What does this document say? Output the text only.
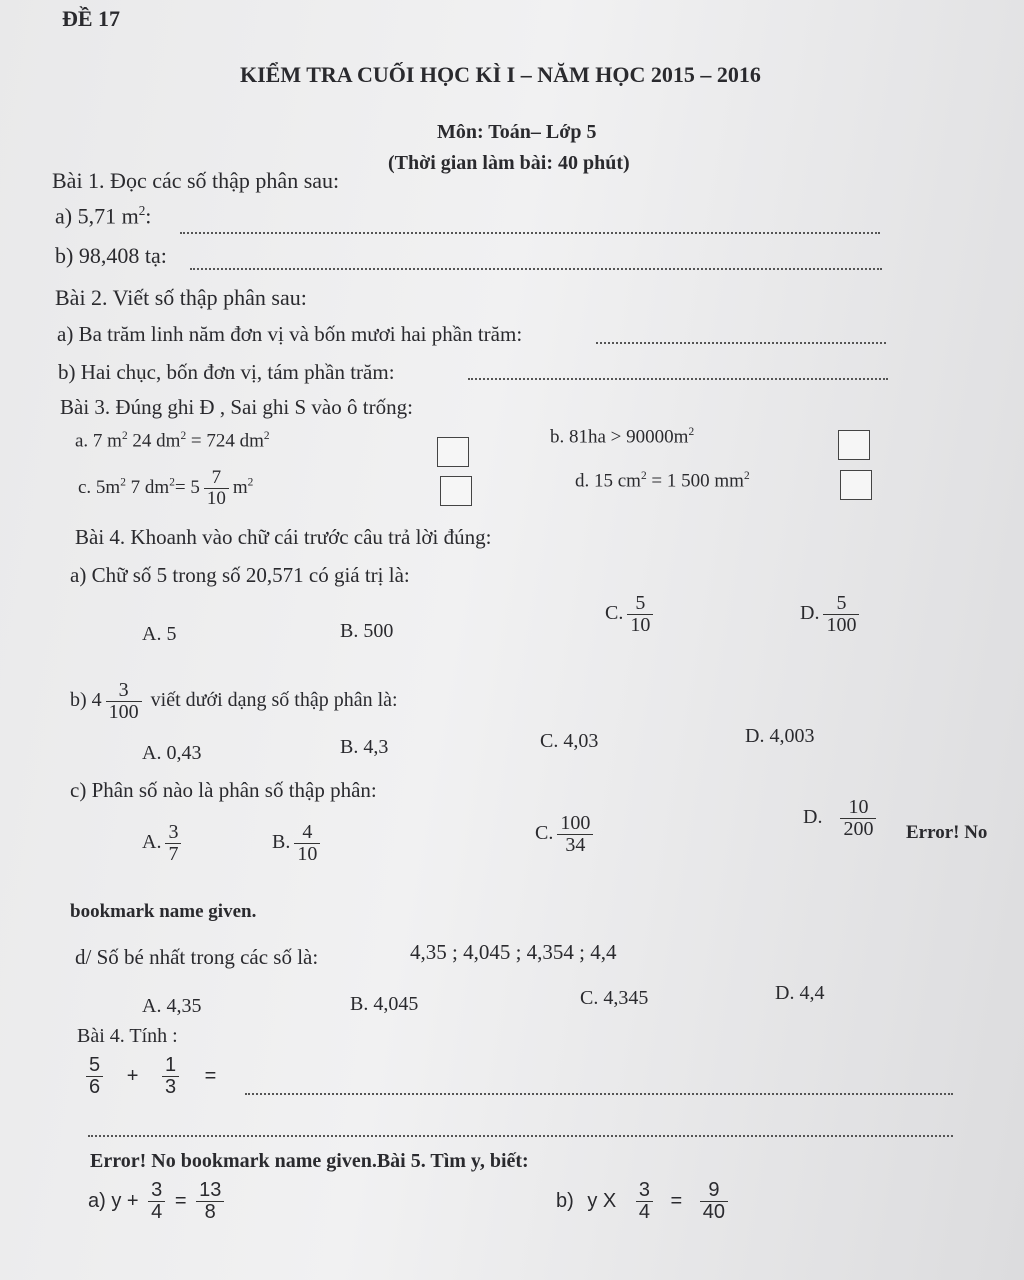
ĐỀ 17
KIỂM TRA CUỐI HỌC KÌ I – NĂM HỌC 2015 – 2016
Môn: Toán– Lớp 5
(Thời gian làm bài: 40 phút)
Bài 1. Đọc các số thập phân sau:
a) 5,71 $m^2$:
b) 98,408 tạ:
Bài 2. Viết số thập phân sau:
a) Ba trăm linh năm đơn vị và bốn mươi hai phần trăm:
b) Hai chục, bốn đơn vị, tám phần trăm:
Bài 3. Đúng ghi Đ , Sai ghi S vào ô trống:
a. 7 $m^2$ 24 $dm^2 = 724$ $dm^2$	b. $81ha > 90000m^2$
c. $5m^2$ 7 $dm^2= 5 \frac{7}{10} m^2$	d. 15 $cm^2 = 1$ 500 $mm^2$
Bài 4. Khoanh vào chữ cái trước câu trả lời đúng:
a) Chữ số 5 trong số 20,571 có giá trị là:
A. 5	B. 500
C. $\frac{5}{10}$	D. $\frac{5}{100}$
b) $4 \frac{3}{100}$ viết dưới dạng số thập phân là:
A. 0,43	B. 4,3	C. 4,03	D. 4,003
c) Phân số nào là phân số thập phân:
A. $\frac{3}{7}$	B. $\frac{4}{10}$	C. $\frac{100}{34}$	D. $\frac{10}{200}$ Error! No
bookmark name given.
d/ Số bé nhất trong các số là:	4,35 ; 4,045 ; 4,354 ; 4,4
A. 4,35	B. 4,045	C. 4,345	D. 4,4
Bài 4. Tính :
$\frac{5}{6} + \frac{1}{3}$ =
Error! No bookmark name given.Bài 5. Tìm y, biết:
a) $y + \frac{3}{4} = \frac{13}{8}$	b) y X $\frac{3}{4} = \frac{9}{40}$
